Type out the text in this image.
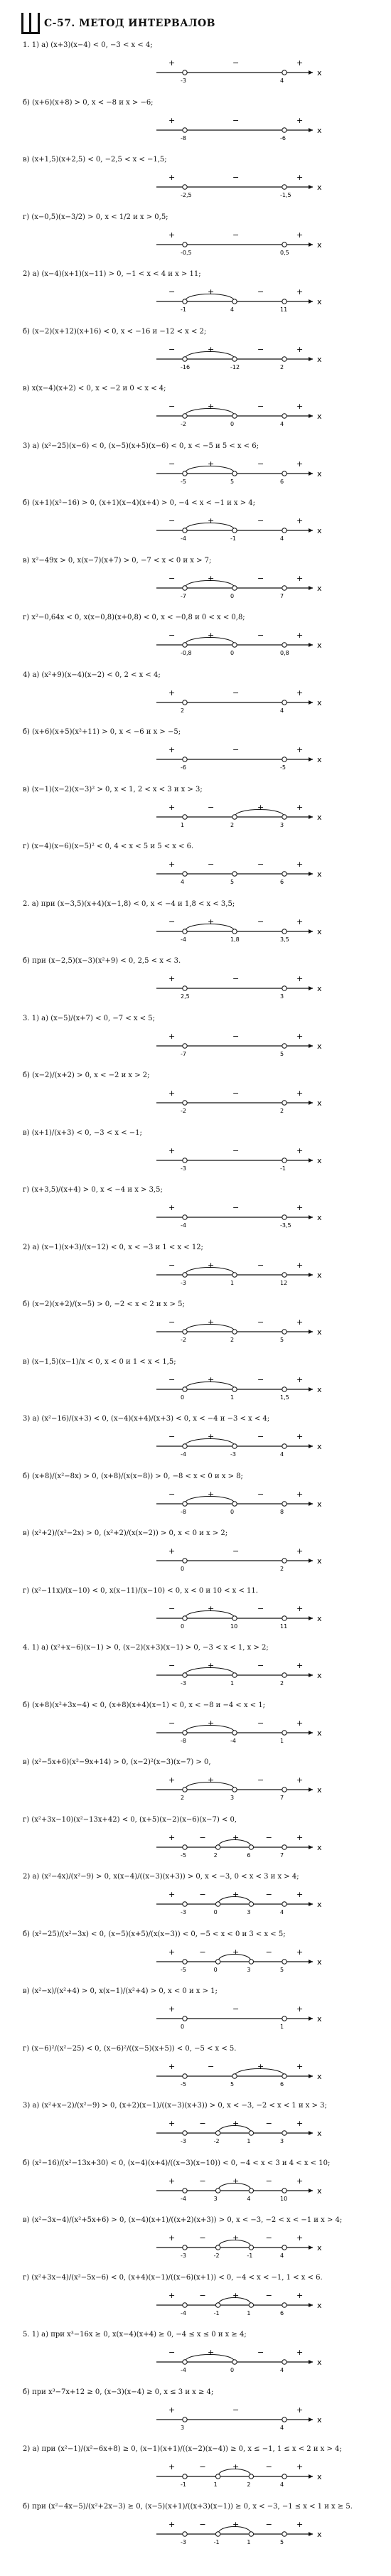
С-57. МЕТОД ИНТЕРВАЛОВ
1. 1) а) (x+3)(x−4) < 0, −3 < x < 4;
x
+	−	+
-3	4
б) (x+6)(x+8) > 0, x < −8 и x > −6;
x
+	−	+
-8	-6
в) (x+1,5)(x+2,5) < 0, −2,5 < x < −1,5;
x
+	−	+
-2,5	-1,5
г) (x−0,5)(x−3/2) > 0, x < 1/2 и x > 0,5;
x
+	−	+
-0,5	0,5
2) а) (x−4)(x+1)(x−11) > 0, −1 < x < 4 и x > 11;
x
−	+	−	+
-1	4	11
б) (x−2)(x+12)(x+16) < 0, x < −16 и −12 < x < 2;
x
−	+	−	+
-16	-12	2
в) x(x−4)(x+2) < 0, x < −2 и 0 < x < 4;
x
−	+	−	+
-2	0	4
3) а) (x²−25)(x−6) < 0, (x−5)(x+5)(x−6) < 0, x < −5 и 5 < x < 6;
x
−	+	−	+
-5	5	6
б) (x+1)(x²−16) > 0, (x+1)(x−4)(x+4) > 0, −4 < x < −1 и x > 4;
x
−	+	−	+
-4	-1	4
в) x²−49x > 0, x(x−7)(x+7) > 0, −7 < x < 0 и x > 7;
x
−	+	−	+
-7	0	7
г) x²−0,64x < 0, x(x−0,8)(x+0,8) < 0, x < −0,8 и 0 < x < 0,8;
x
−	+	−	+
-0,8	0	0,8
4) а) (x²+9)(x−4)(x−2) < 0, 2 < x < 4;
x
+	−	+
2	4
б) (x+6)(x+5)(x²+11) > 0, x < −6 и x > −5;
x
+	−	+
-6	-5
в) (x−1)(x−2)(x−3)² > 0, x < 1, 2 < x < 3 и x > 3;
x
+	−	+	+
1	2	3
г) (x−4)(x−6)(x−5)² < 0, 4 < x < 5 и 5 < x < 6.
x
+	−	−	+
4	5	6
2. а) при (x−3,5)(x+4)(x−1,8) < 0, x < −4 и 1,8 < x < 3,5;
x
−	+	−	+
-4	1,8	3,5
б) при (x−2,5)(x−3)(x²+9) < 0, 2,5 < x < 3.
x
+	−	+
2,5	3
3. 1) а) (x−5)/(x+7) < 0, −7 < x < 5;
x
+	−	+
-7	5
б) (x−2)/(x+2) > 0, x < −2 и x > 2;
x
+	−	+
-2	2
в) (x+1)/(x+3) < 0, −3 < x < −1;
x
+	−	+
-3	-1
г) (x+3,5)/(x+4) > 0, x < −4 и x > 3,5;
x
+	−	+
-4	-3,5
2) а) (x−1)(x+3)/(x−12) < 0, x < −3 и 1 < x < 12;
x
−	+	−	+
-3	1	12
б) (x−2)(x+2)/(x−5) > 0, −2 < x < 2 и x > 5;
x
−	+	−	+
-2	2	5
в) (x−1,5)(x−1)/x < 0, x < 0 и 1 < x < 1,5;
x
−	+	−	+
0	1	1,5
3) а) (x²−16)/(x+3) < 0, (x−4)(x+4)/(x+3) < 0, x < −4 и −3 < x < 4;
x
−	+	−	+
-4	-3	4
б) (x+8)/(x²−8x) > 0, (x+8)/(x(x−8)) > 0, −8 < x < 0 и x > 8;
x
−	+	−	+
-8	0	8
в) (x²+2)/(x²−2x) > 0, (x²+2)/(x(x−2)) > 0, x < 0 и x > 2;
x
+	−	+
0	2
г) (x²−11x)/(x−10) < 0, x(x−11)/(x−10) < 0, x < 0 и 10 < x < 11.
x
−	+	−	+
0	10	11
4. 1) а) (x²+x−6)(x−1) > 0, (x−2)(x+3)(x−1) > 0, −3 < x < 1, x > 2;
x
−	+	−	+
-3	1	2
б) (x+8)(x²+3x−4) < 0, (x+8)(x+4)(x−1) < 0, x < −8 и −4 < x < 1;
x
−	+	−	+
-8	-4	1
в) (x²−5x+6)(x²−9x+14) > 0, (x−2)²(x−3)(x−7) > 0,
x
+	+	−	+
2	3	7
г) (x²+3x−10)(x²−13x+42) < 0, (x+5)(x−2)(x−6)(x−7) < 0,
x
+	−	+	−	+
-5	2	6	7
2) а) (x²−4x)/(x²−9) > 0, x(x−4)/((x−3)(x+3)) > 0, x < −3, 0 < x < 3 и x > 4;
x
+	−	+	−	+
-3	0	3	4
б) (x²−25)/(x²−3x) < 0, (x−5)(x+5)/(x(x−3)) < 0, −5 < x < 0 и 3 < x < 5;
x
+	−	+	−	+
-5	0	3	5
в) (x²−x)/(x²+4) > 0, x(x−1)/(x²+4) > 0, x < 0 и x > 1;
x
+	−	+
0	1
г) (x−6)²/(x²−25) < 0, (x−6)²/((x−5)(x+5)) < 0, −5 < x < 5.
x
+	−	+	+
-5	5	6
3) а) (x²+x−2)/(x²−9) > 0, (x+2)(x−1)/((x−3)(x+3)) > 0, x < −3, −2 < x < 1 и x > 3;
x
+	−	+	−	+
-3	-2	1	3
б) (x²−16)/(x²−13x+30) < 0, (x−4)(x+4)/((x−3)(x−10)) < 0, −4 < x < 3 и 4 < x < 10;
x
+	−	+	−	+
-4	3	4	10
в) (x²−3x−4)/(x²+5x+6) > 0, (x−4)(x+1)/((x+2)(x+3)) > 0, x < −3, −2 < x < −1 и x > 4;
x
+	−	+	−	+
-3	-2	-1	4
г) (x²+3x−4)/(x²−5x−6) < 0, (x+4)(x−1)/((x−6)(x+1)) < 0, −4 < x < −1, 1 < x < 6.
x
+	−	+	−	+
-4	-1	1	6
5. 1) а) при x³−16x ≥ 0, x(x−4)(x+4) ≥ 0, −4 ≤ x ≤ 0 и x ≥ 4;
x
−	+	−	+
-4	0	4
б) при x³−7x+12 ≥ 0, (x−3)(x−4) ≥ 0, x ≤ 3 и x ≥ 4;
x
+	−	+
3	4
2) а) при (x²−1)/(x²−6x+8) ≥ 0, (x−1)(x+1)/((x−2)(x−4)) ≥ 0, x ≤ −1, 1 ≤ x < 2 и x > 4;
x
+	−	+	−	+
-1	1	2	4
б) при (x²−4x−5)/(x²+2x−3) ≥ 0, (x−5)(x+1)/((x+3)(x−1)) ≥ 0, x < −3, −1 ≤ x < 1 и x ≥ 5.
x
+	−	+	−	+
-3	-1	1	5
